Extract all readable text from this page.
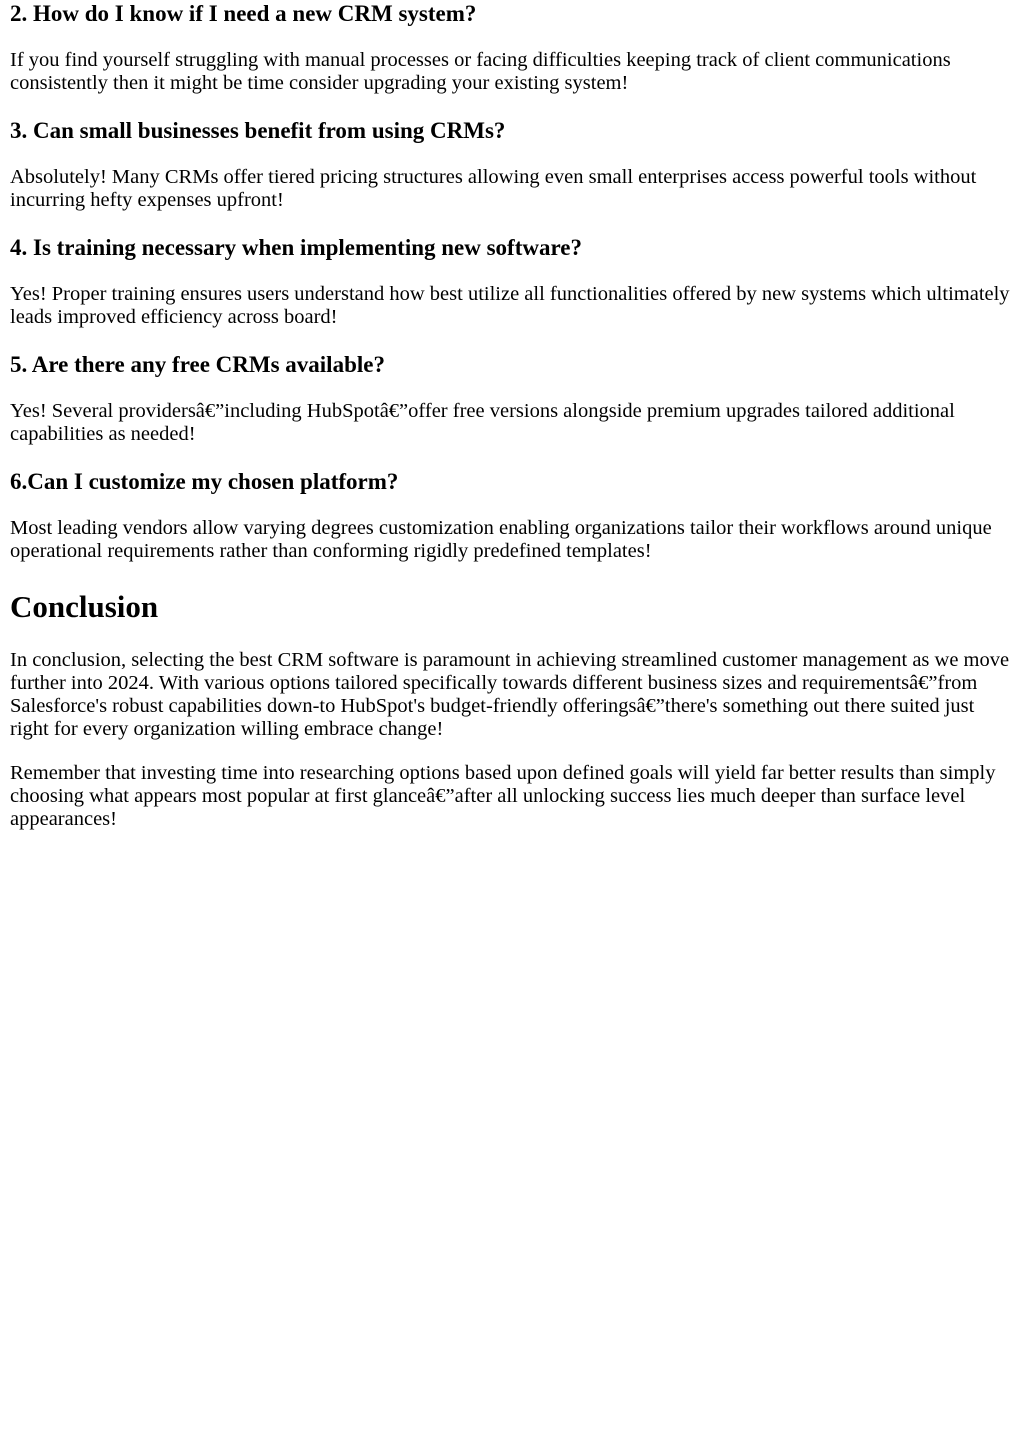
2. How do I know if I need a new CRM system?

If you find yourself struggling with manual processes or facing difficulties keeping track of client communications consistently then it might be time consider upgrading your existing system!

3. Can small businesses benefit from using CRMs?

Absolutely! Many CRMs offer tiered pricing structures allowing even small enterprises access powerful tools without incurring hefty expenses upfront!

4. Is training necessary when implementing new software?

Yes! Proper training ensures users understand how best utilize all functionalities offered by new systems which ultimately leads improved efficiency across board!

5. Are there any free CRMs available?

Yes! Several providersâ€”including HubSpotâ€”offer free versions alongside premium upgrades tailored additional capabilities as needed!

6.Can I customize my chosen platform?

Most leading vendors allow varying degrees customization enabling organizations tailor their workflows around unique operational requirements rather than conforming rigidly predefined templates!

Conclusion

In conclusion, selecting the best CRM software is paramount in achieving streamlined customer management as we move further into 2024. With various options tailored specifically towards different business sizes and requirementsâ€”from Salesforce's robust capabilities down-to HubSpot's budget-friendly offeringsâ€”there's something out there suited just right for every organization willing embrace change!

Remember that investing time into researching options based upon defined goals will yield far better results than simply choosing what appears most popular at first glanceâ€”after all unlocking success lies much deeper than surface level appearances!
